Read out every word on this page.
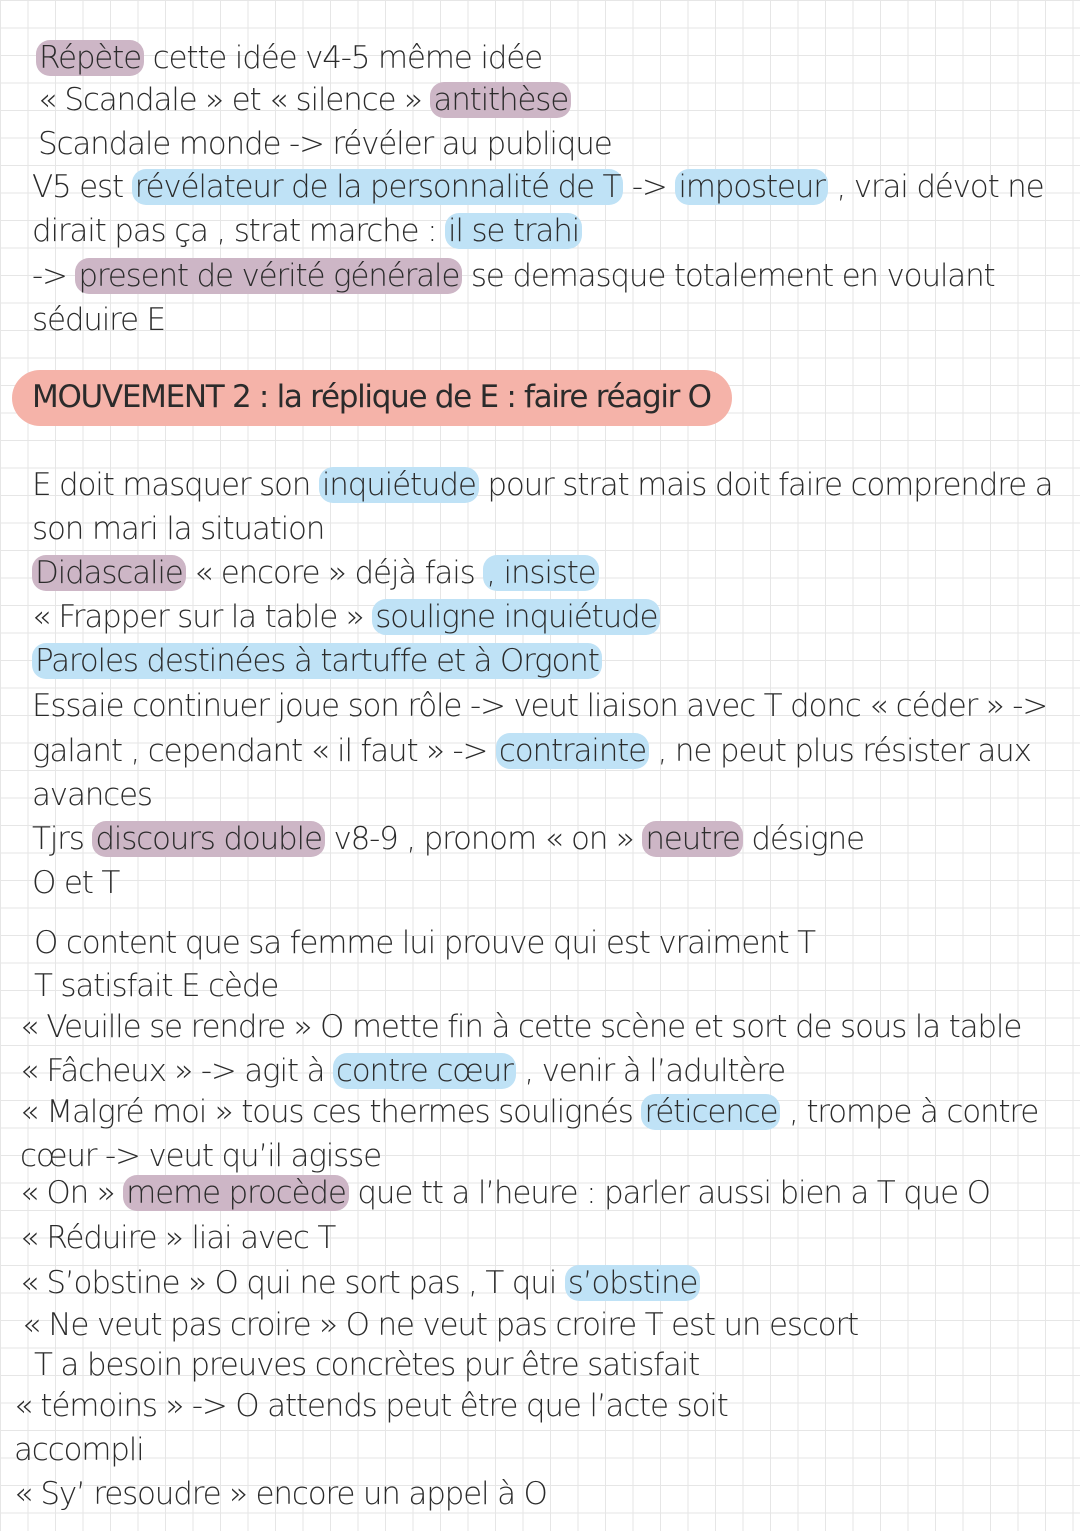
Répète cette idée v4-5 même idée
« Scandale » et « silence » antithèse
Scandale monde -> révéler au publique
V5 est révélateur de la personnalité de T -> imposteur , vrai dévot ne
dirait pas ça , strat marche : il se trahi
-> present de vérité générale se demasque totalement en voulant
séduire E
MOUVEMENT 2 : la réplique de E : faire réagir O
E doit masquer son inquiétude pour strat mais doit faire comprendre a
son mari la situation
Didascalie « encore » déjà fais , insiste
« Frapper sur la table » souligne inquiétude
Paroles destinées à tartuffe et à Orgont
Essaie continuer joue son rôle -> veut liaison avec T donc « céder » ->
galant , cependant « il faut » -> contrainte , ne peut plus résister aux
avances
Tjrs discours double v8-9 , pronom « on » neutre désigne
O et T
O content que sa femme lui prouve qui est vraiment T
T satisfait E cède
« Veuille se rendre » O mette fin à cette scène et sort de sous la table
« Fâcheux » -> agit à contre cœur , venir à l’adultère
« Malgré moi » tous ces thermes soulignés réticence , trompe à contre
cœur -> veut qu’il agisse
« On » meme procède que tt a l’heure : parler aussi bien a T que O
« Réduire » liai avec T
« S’obstine » O qui ne sort pas , T qui s’obstine
« Ne veut pas croire » O ne veut pas croire T est un escort
T a besoin preuves concrètes pur être satisfait
« témoins » -> O attends peut être que l’acte soit
accompli
« Sy’ resoudre » encore un appel à O
